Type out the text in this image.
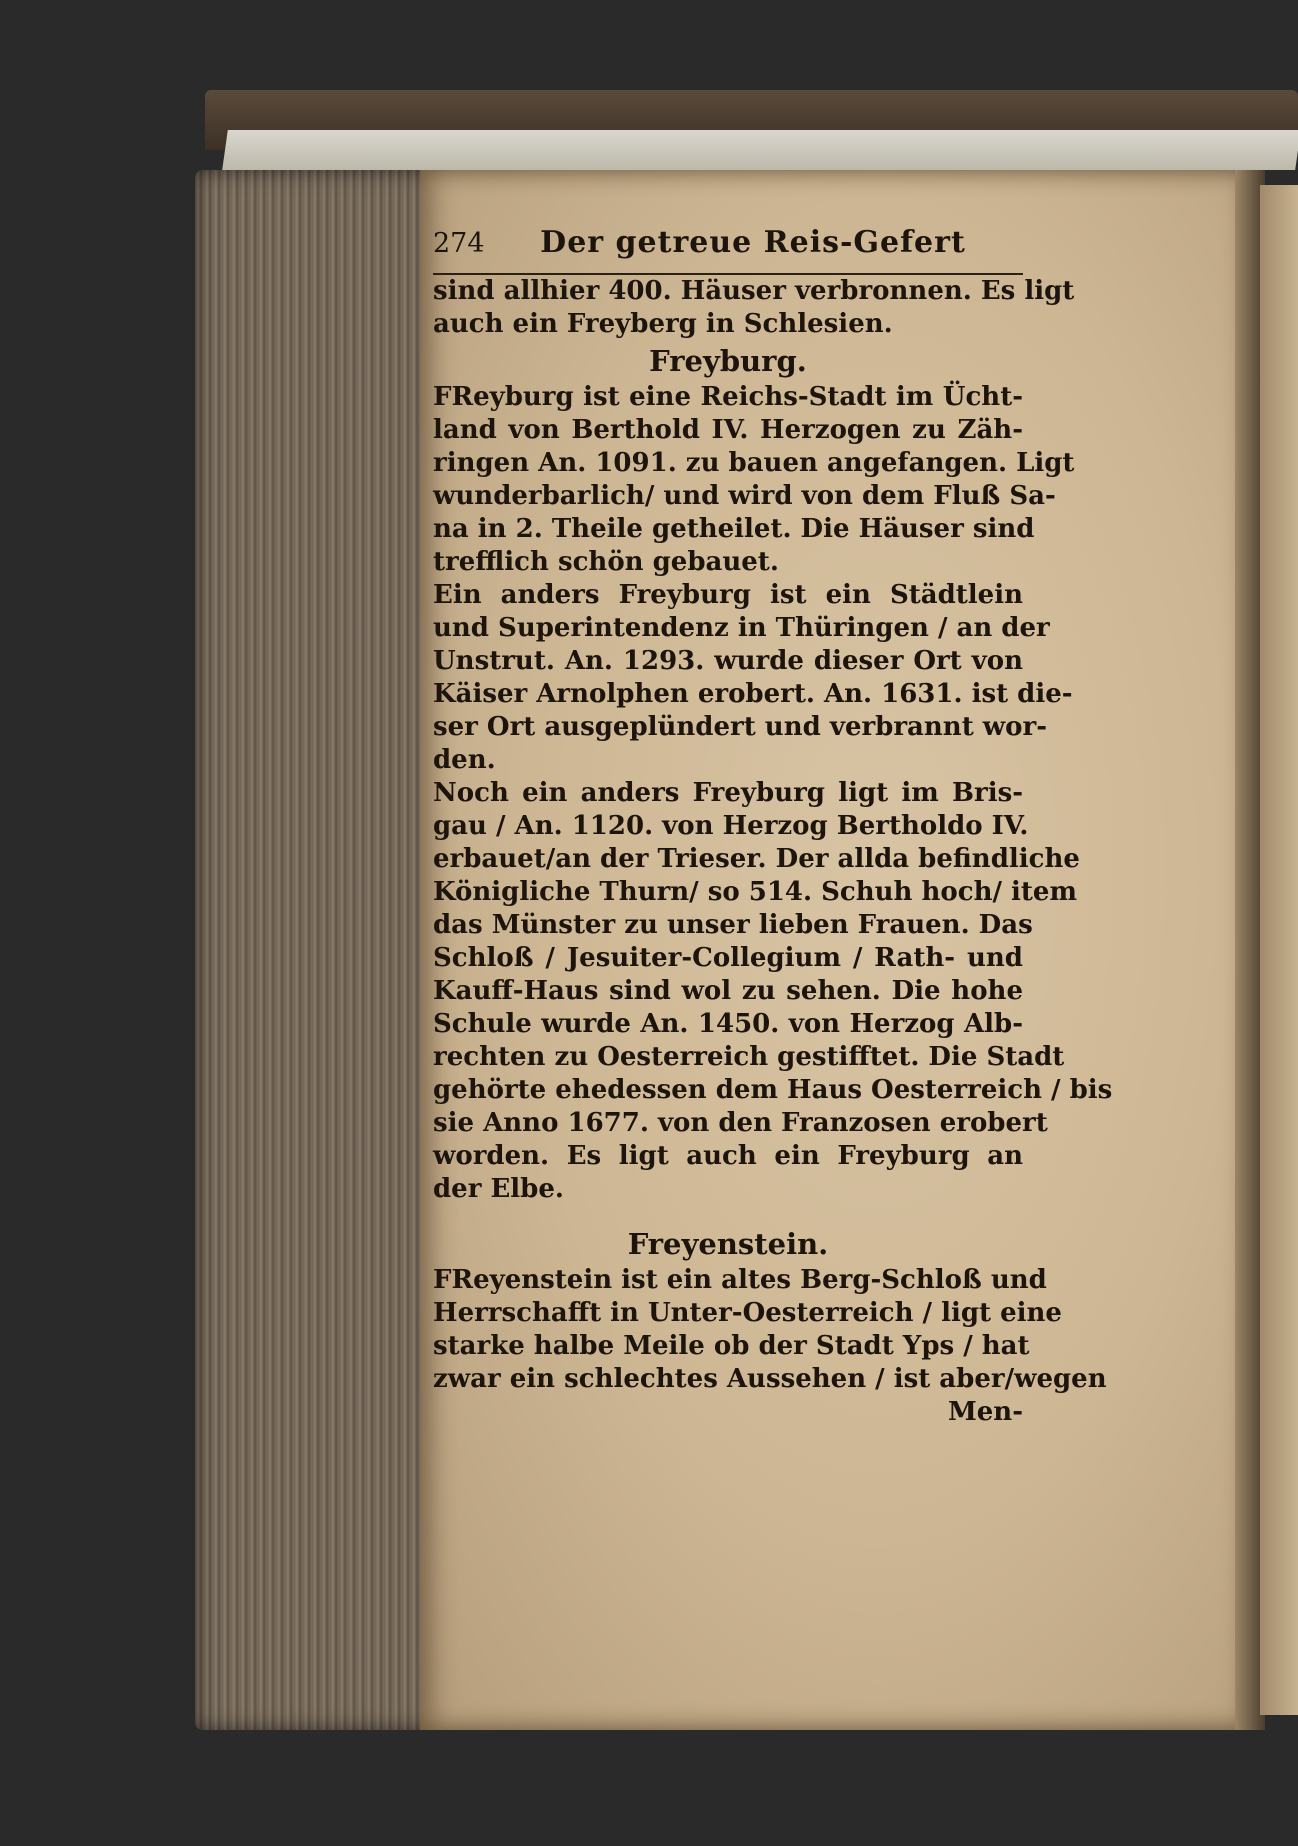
274	Der getreue Reis-Gefert
sind allhier 400. Häuser verbronnen. Es ligt
auch ein Freyberg in Schlesien.
Freyburg.
FReyburg ist eine Reichs-Stadt im Ücht-
land von Berthold IV. Herzogen zu Zäh-
ringen An. 1091. zu bauen angefangen. Ligt
wunderbarlich/ und wird von dem Fluß Sa-
na in 2. Theile getheilet. Die Häuser sind
trefflich schön gebauet.
Ein anders Freyburg ist ein Städtlein
und Superintendenz in Thüringen / an der
Unstrut. An. 1293. wurde dieser Ort von
Käiser Arnolphen erobert. An. 1631. ist die-
ser Ort ausgeplündert und verbrannt wor-
den.
Noch ein anders Freyburg ligt im Bris-
gau / An. 1120. von Herzog Bertholdo IV.
erbauet/an der Trieser. Der allda befindliche
Königliche Thurn/ so 514. Schuh hoch/ item
das Münster zu unser lieben Frauen. Das
Schloß / Jesuiter-Collegium / Rath- und
Kauff-Haus sind wol zu sehen. Die hohe
Schule wurde An. 1450. von Herzog Alb-
rechten zu Oesterreich gestifftet. Die Stadt
gehörte ehedessen dem Haus Oesterreich / bis
sie Anno 1677. von den Franzosen erobert
worden. Es ligt auch ein Freyburg an
der Elbe.
Freyenstein.
FReyenstein ist ein altes Berg-Schloß und
Herrschafft in Unter-Oesterreich / ligt eine
starke halbe Meile ob der Stadt Yps / hat
zwar ein schlechtes Aussehen / ist aber/wegen
Men-
